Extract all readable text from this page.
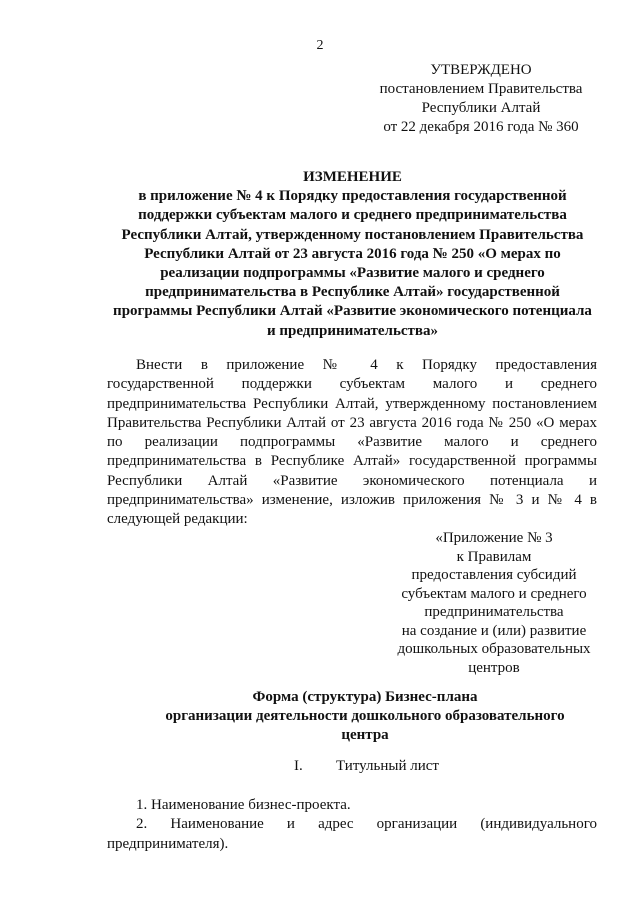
2
УТВЕРЖДЕНО
постановлением Правительства
Республики Алтай
от 22 декабря 2016 года № 360
ИЗМЕНЕНИЕ
в приложение № 4 к Порядку предоставления государственной
поддержки субъектам малого и среднего предпринимательства
Республики Алтай, утвержденному постановлением Правительства
Республики Алтай от 23 августа 2016 года № 250 «О мерах по
реализации подпрограммы «Развитие малого и среднего
предпринимательства в Республике Алтай» государственной
программы Республики Алтай «Развитие экономического потенциала
и предпринимательства»
Внести в приложение № 4 к Порядку предоставления
государственной поддержки субъектам малого и среднего
предпринимательства Республики Алтай, утвержденному постановлением
Правительства Республики Алтай от 23 августа 2016 года № 250 «О мерах
по реализации подпрограммы «Развитие малого и среднего
предпринимательства в Республике Алтай» государственной программы
Республики Алтай «Развитие экономического потенциала и
предпринимательства» изменение, изложив приложения № 3 и № 4 в
следующей редакции:
«Приложение № 3
к Правилам
предоставления субсидий
субъектам малого и среднего
предпринимательства
на создание и (или) развитие
дошкольных образовательных
центров
Форма (структура) Бизнес-плана
организации деятельности дошкольного образовательного
центра
I. Титульный лист
1. Наименование бизнес-проекта.
2. Наименование и адрес организации (индивидуального
предпринимателя).
